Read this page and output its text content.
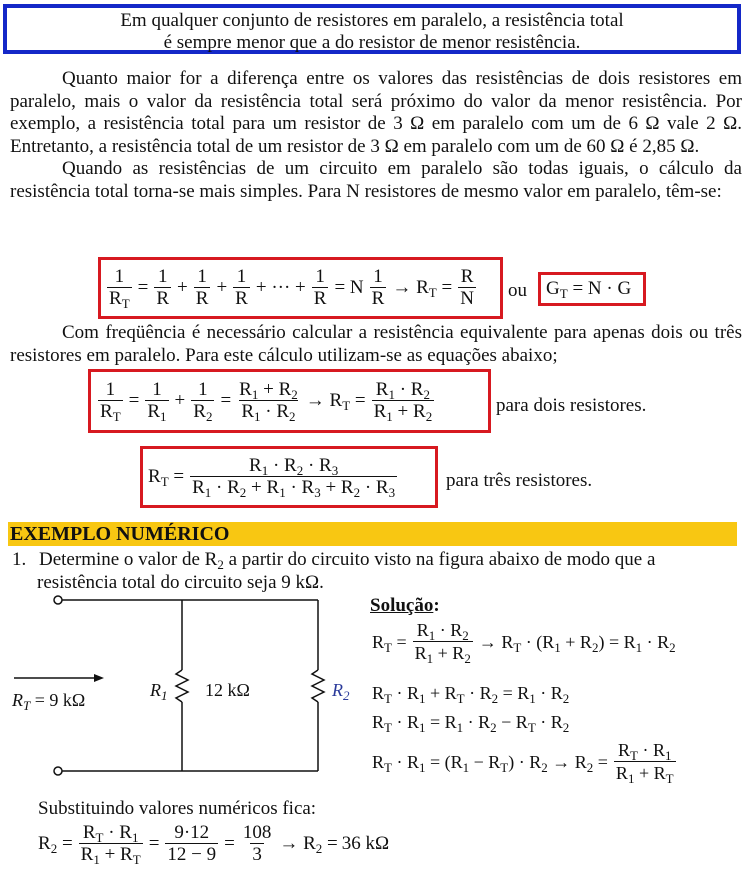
Em qualquer conjunto de resistores em paralelo, a resistência total
é sempre menor que a do resistor de menor resistência.

Quanto maior for a diferença entre os valores das resistências de dois resistores em paralelo, mais o valor da resistência total será próximo do valor da menor resistência. Por exemplo, a resistência total para um resistor de 3 Ω em paralelo com um de 6 Ω vale 2 Ω. Entretanto, a resistência total de um resistor de 3 Ω em paralelo com um de 60 Ω é 2,85 Ω.

Quando as resistências de um circuito em paralelo são todas iguais, o cálculo da resistência total torna-se mais simples. Para N resistores de mesmo valor em paralelo, têm-se:

$\frac{1}{R_T} = \frac{1}{R} + \frac{1}{R} + \frac{1}{R}$ + ··· + $\frac{1}{R} = N \frac{1}{R} \to R_T = \frac{R}{N}$ ou $G_T = N \cdot G$

Com freqüência é necessário calcular a resistência equivalente para apenas dois ou três resistores em paralelo. Para este cálculo utilizam-se as equações abaixo;

$\frac{1}{R_T} = \frac{1}{R_1} + \frac{1}{R_2} = \frac{R_1 + R_2}{R_1 \cdot R_2} \to R_T = \frac{R_1 \cdot R_2}{R_1 + R_2}$	para dois resistores.
$R_T = \frac{R_1 \cdot R_2 \cdot R_3}{R_1 \cdot R_2 + R_1 \cdot R_3 + R_2 \cdot R_3}$	para três resistores.
EXEMPLO NUMÉRICO
1. Determine o valor de $R_2$ a partir do circuito visto na figura abaixo de modo que a
resistência total do circuito seja 9 kΩ.
$R_T = 9$ kΩ	$R_1$ 12 kΩ	$R_2$
Solução:
$R_T = \frac{R_1 \cdot R_2}{R_1 + R_2} \to R_T \cdot (R_1 + R_2) = R_1 \cdot R_2$
$R_T \cdot R_1 + R_T \cdot R_2 = R_1 \cdot R_2$
$R_T \cdot R_1 = R_1 \cdot R_2 - R_T \cdot R_2$
$R_T \cdot R_1 = (R_1 - R_T) \cdot R_2 \to R_2 = \frac{R_T \cdot R_1}{R_1 + R_T}$
Substituindo valores numéricos fica:
$R_2 = \frac{R_T \cdot R_1}{R_1 + R_T} = \frac{9\cdot 12}{12 - 9} = \frac{108}{3} \to R_2 = 36$ kΩ
